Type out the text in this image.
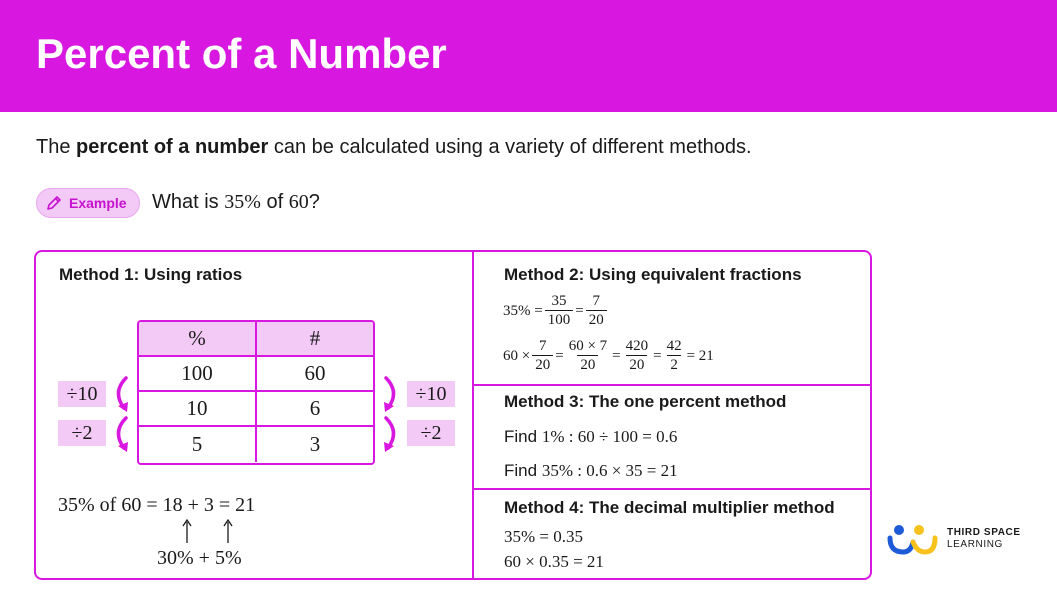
Percent of a Number
The percent of a number can be calculated using a variety of different methods.
Example What is 35% of 60?
Method 1: Using ratios
%	#
100	60
10	6
5	3
÷10
÷2
÷10
÷2
35% of 60 = 18 + 3 = 21
30% + 5%
Method 2: Using equivalent fractions
$35\% = \frac{35}{100} = \frac{7}{20}$
$60 \times \frac{7}{20} = \frac{60 \times 7}{20} = \frac{420}{20} = \frac{42}{2} = 21$
Method 3: The one percent method
Find 1% : 60 ÷ 100 = 0.6
Find 35% : 0.6 × 35 = 21
Method 4: The decimal multiplier method
35% = 0.35
60 × 0.35 = 21
THIRD SPACE
LEARNING
